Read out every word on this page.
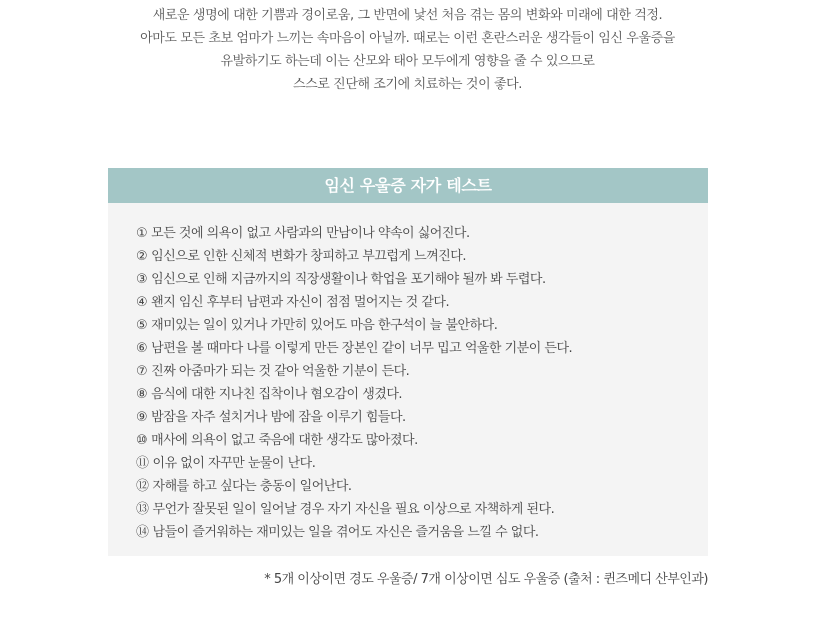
새로운 생명에 대한 기쁨과 경이로움, 그 반면에 낯선 처음 겪는 몸의 변화와 미래에 대한 걱정.
아마도 모든 초보 엄마가 느끼는 속마음이 아닐까. 때로는 이런 혼란스러운 생각들이 임신 우울증을
유발하기도 하는데 이는 산모와 태아 모두에게 영향을 줄 수 있으므로
스스로 진단해 조기에 치료하는 것이 좋다.
임신 우울증 자가 테스트
① 모든 것에 의욕이 없고 사람과의 만남이나 약속이 싫어진다.
② 임신으로 인한 신체적 변화가 창피하고 부끄럽게 느껴진다.
③ 임신으로 인해 지금까지의 직장생활이나 학업을 포기해야 될까 봐 두렵다.
④ 왠지 임신 후부터 남편과 자신이 점점 멀어지는 것 같다.
⑤ 재미있는 일이 있거나 가만히 있어도 마음 한구석이 늘 불안하다.
⑥ 남편을 볼 때마다 나를 이렇게 만든 장본인 같이 너무 밉고 억울한 기분이 든다.
⑦ 진짜 아줌마가 되는 것 같아 억울한 기분이 든다.
⑧ 음식에 대한 지나친 집착이나 혐오감이 생겼다.
⑨ 밤잠을 자주 설치거나 밤에 잠을 이루기 힘들다.
⑩ 매사에 의욕이 없고 죽음에 대한 생각도 많아졌다.
⑪ 이유 없이 자꾸만 눈물이 난다.
⑫ 자해를 하고 싶다는 충동이 일어난다.
⑬ 무언가 잘못된 일이 일어날 경우 자기 자신을 필요 이상으로 자책하게 된다.
⑭ 남들이 즐거워하는 재미있는 일을 겪어도 자신은 즐거움을 느낄 수 없다.
* 5개 이상이면 경도 우울증/ 7개 이상이면 심도 우울증 (출처 : 퀸즈메디 산부인과)
